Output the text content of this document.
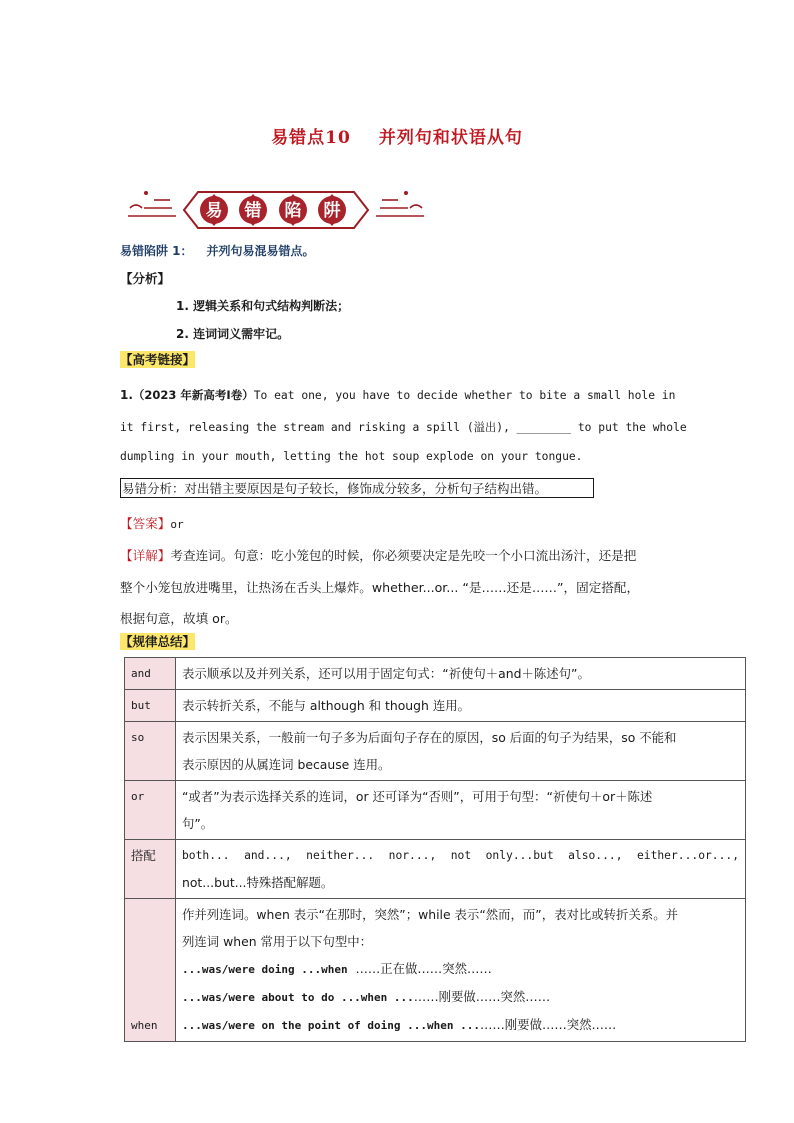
易错点10 并列句和状语从句
易 错 陷 阱
易错陷阱 1： 并列句易混易错点。
【分析】
1. 逻辑关系和句式结构判断法；
2. 连词词义需牢记。
【高考链接】
1.（2023 年新高考Ⅰ卷）To eat one, you have to decide whether to bite a small hole in
it first, releasing the stream and risking a spill (溢出), ________ to put the whole
dumpling in your mouth, letting the hot soup explode on your tongue.
易错分析：对出错主要原因是句子较长，修饰成分较多，分析句子结构出错。
【答案】or
【详解】考查连词。句意：吃小笼包的时候，你必须要决定是先咬一个小口流出汤汁，还是把
整个小笼包放进嘴里，让热汤在舌头上爆炸。whether...or... “是……还是……”，固定搭配，
根据句意，故填 or。
【规律总结】
and	表示顺承以及并列关系，还可以用于固定句式：“祈使句＋and＋陈述句”。
but	表示转折关系，不能与 although 和 though 连用。
so	表示因果关系，一般前一句子多为后面句子存在的原因，so 后面的句子为结果，so 不能和
表示原因的从属连词 because 连用。

or	“或者”为表示选择关系的连词，or 还可译为“否则”，可用于句型：“祈使句＋or＋陈述
句”。

搭配	both... and..., neither... nor..., not only...but also..., either...or...,
not...but...特殊搭配解题。

when	作并列连词。when 表示“在那时，突然”；while 表示“然而，而”，表对比或转折关系。并
列连词 when 常用于以下句型中：
...was/were doing ...when ……正在做……突然……
...was/were about to do ...when ...……刚要做……突然……
...was/were on the point of doing ...when ...……刚要做……突然……
